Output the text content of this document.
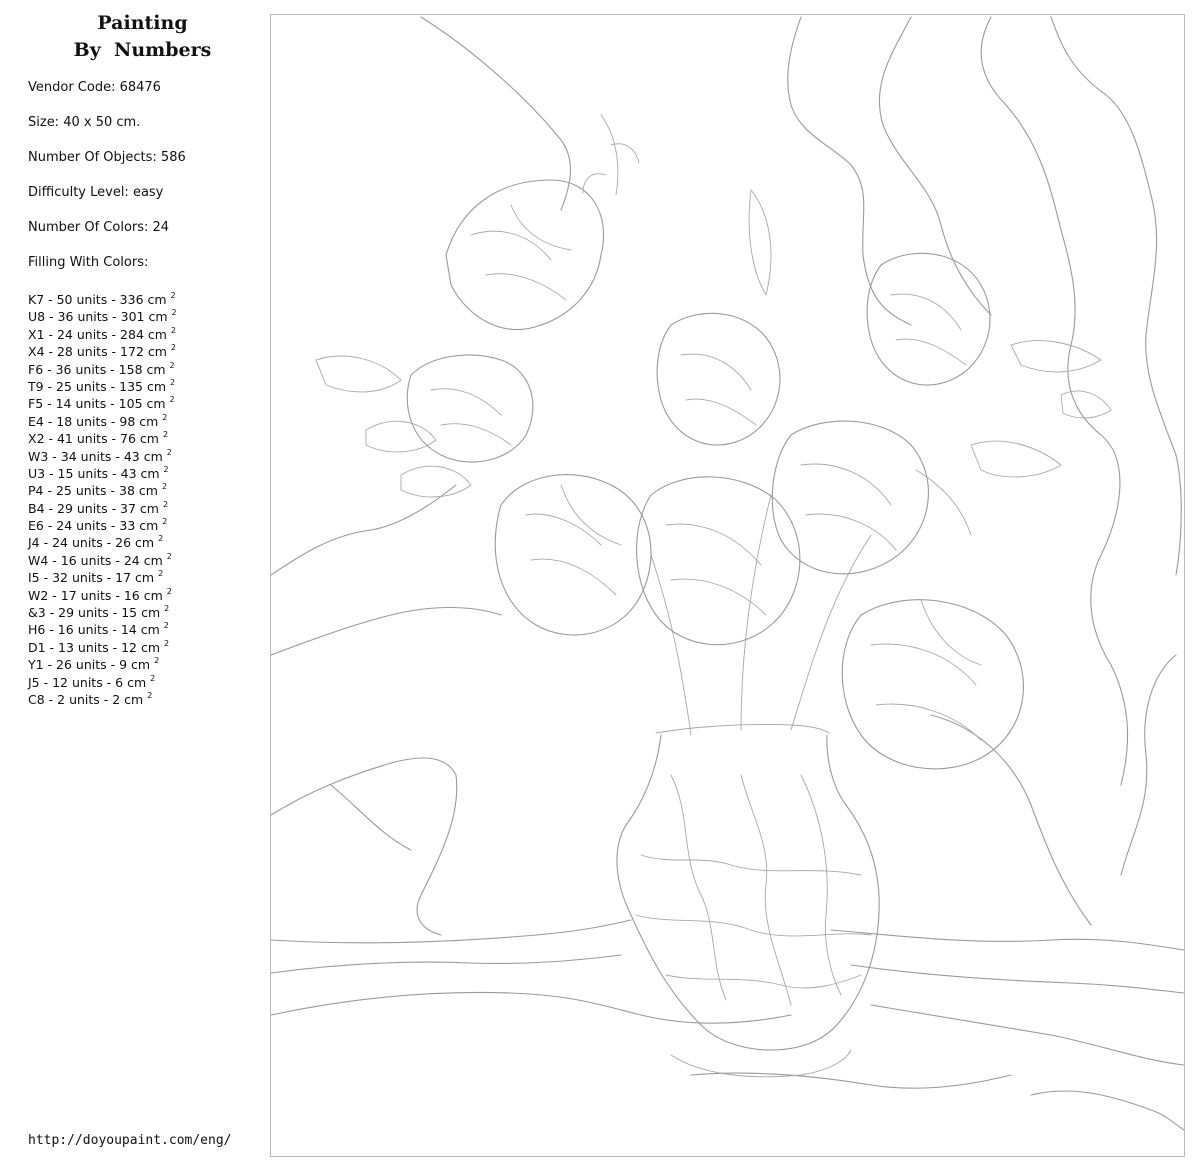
Painting
By  Numbers
Vendor Code: 68476
Size: 40 x 50 cm.
Number Of Objects: 586
Difficulty Level: easy
Number Of Colors: 24
Filling With Colors:
K7 - 50 units - 336 cm $^2$
U8 - 36 units - 301 cm $^2$
X1 - 24 units - 284 cm $^2$
X4 - 28 units - 172 cm $^2$
F6 - 36 units - 158 cm $^2$
T9 - 25 units - 135 cm $^2$
F5 - 14 units - 105 cm $^2$
E4 - 18 units - 98 cm $^2$
X2 - 41 units - 76 cm $^2$
W3 - 34 units - 43 cm $^2$
U3 - 15 units - 43 cm $^2$
P4 - 25 units - 38 cm $^2$
B4 - 29 units - 37 cm $^2$
E6 - 24 units - 33 cm $^2$
J4 - 24 units - 26 cm $^2$
W4 - 16 units - 24 cm $^2$
I5 - 32 units - 17 cm $^2$
W2 - 17 units - 16 cm $^2$
&3 - 29 units - 15 cm $^2$
H6 - 16 units - 14 cm $^2$
D1 - 13 units - 12 cm $^2$
Y1 - 26 units - 9 cm $^2$
J5 - 12 units - 6 cm $^2$
C8 - 2 units - 2 cm $^2$
http://doyoupaint.com/eng/
